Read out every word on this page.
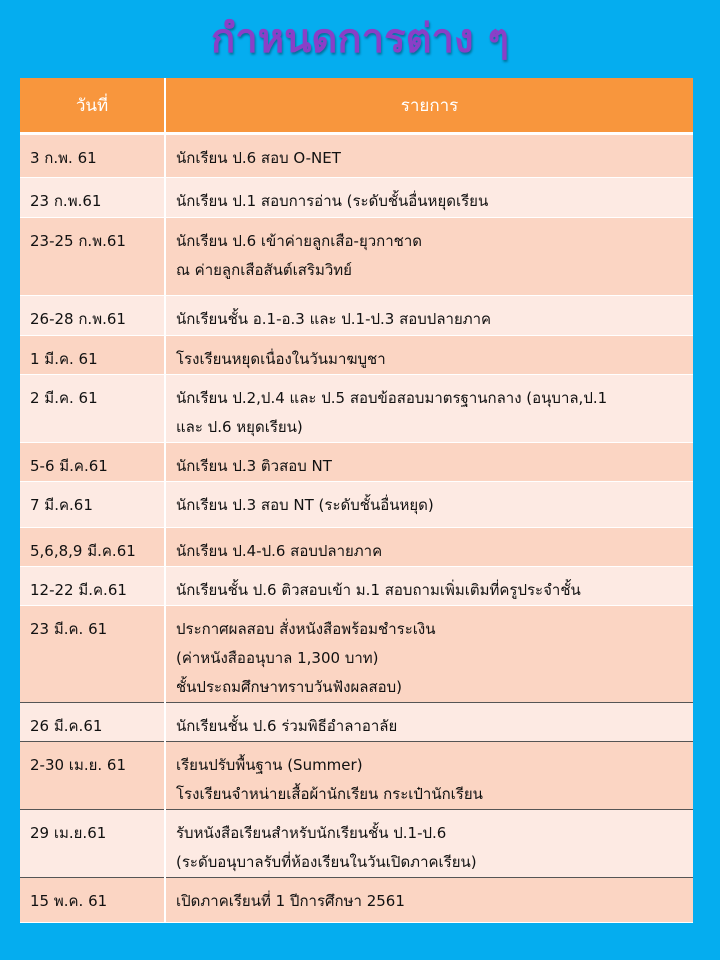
กำหนดการต่าง ๆ
วันที่	รายการ
3 ก.พ. 61	นักเรียน ป.6 สอบ O-NET

23 ก.พ.61	นักเรียน ป.1 สอบการอ่าน (ระดับชั้นอื่นหยุดเรียน

23-25 ก.พ.61	นักเรียน ป.6 เข้าค่ายลูกเสือ-ยุวกาชาด
ณ ค่ายลูกเสือสันต์เสริมวิทย์

26-28 ก.พ.61	นักเรียนชั้น อ.1-อ.3 และ ป.1-ป.3 สอบปลายภาค

1 มี.ค. 61	โรงเรียนหยุดเนื่องในวันมาฆบูชา

2 มี.ค. 61	นักเรียน ป.2,ป.4 และ ป.5 สอบข้อสอบมาตรฐานกลาง (อนุบาล,ป.1
และ ป.6 หยุดเรียน)

5-6 มี.ค.61	นักเรียน ป.3 ติวสอบ NT

7 มี.ค.61	นักเรียน ป.3 สอบ NT (ระดับชั้นอื่นหยุด)

5,6,8,9 มี.ค.61	นักเรียน ป.4-ป.6 สอบปลายภาค

12-22 มี.ค.61	นักเรียนชั้น ป.6 ติวสอบเข้า ม.1 สอบถามเพิ่มเติมที่ครูประจำชั้น

23 มี.ค. 61	ประกาศผลสอบ สั่งหนังสือพร้อมชำระเงิน
(ค่าหนังสืออนุบาล 1,300 บาท)
ชั้นประถมศึกษาทราบวันฟังผลสอบ)

26 มี.ค.61	นักเรียนชั้น ป.6 ร่วมพิธีอำลาอาลัย

2-30 เม.ย. 61	เรียนปรับพื้นฐาน (Summer)
โรงเรียนจำหน่ายเสื้อผ้านักเรียน กระเป๋านักเรียน

29 เม.ย.61	รับหนังสือเรียนสำหรับนักเรียนชั้น ป.1-ป.6
(ระดับอนุบาลรับที่ห้องเรียนในวันเปิดภาคเรียน)

15 พ.ค. 61	เปิดภาคเรียนที่ 1 ปีการศึกษา 2561
